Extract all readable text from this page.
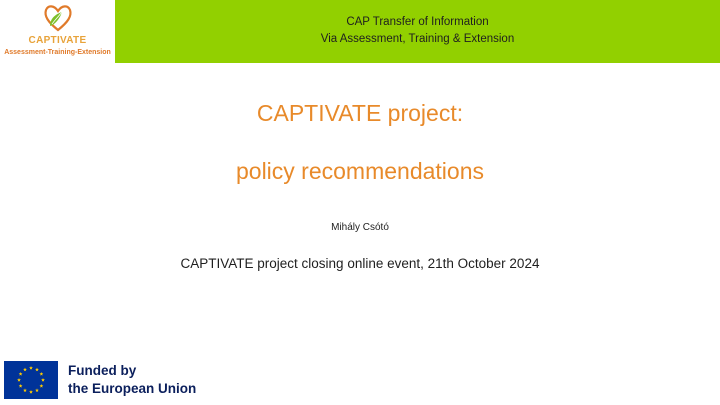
CAPTIVATE
Assessment-Training-Extension
CAP Transfer of Information
Via Assessment, Training & Extension
CAPTIVATE project:
policy recommendations
Mihály Csótó
CAPTIVATE project closing online event, 21th October 2024
Funded by
the European Union
